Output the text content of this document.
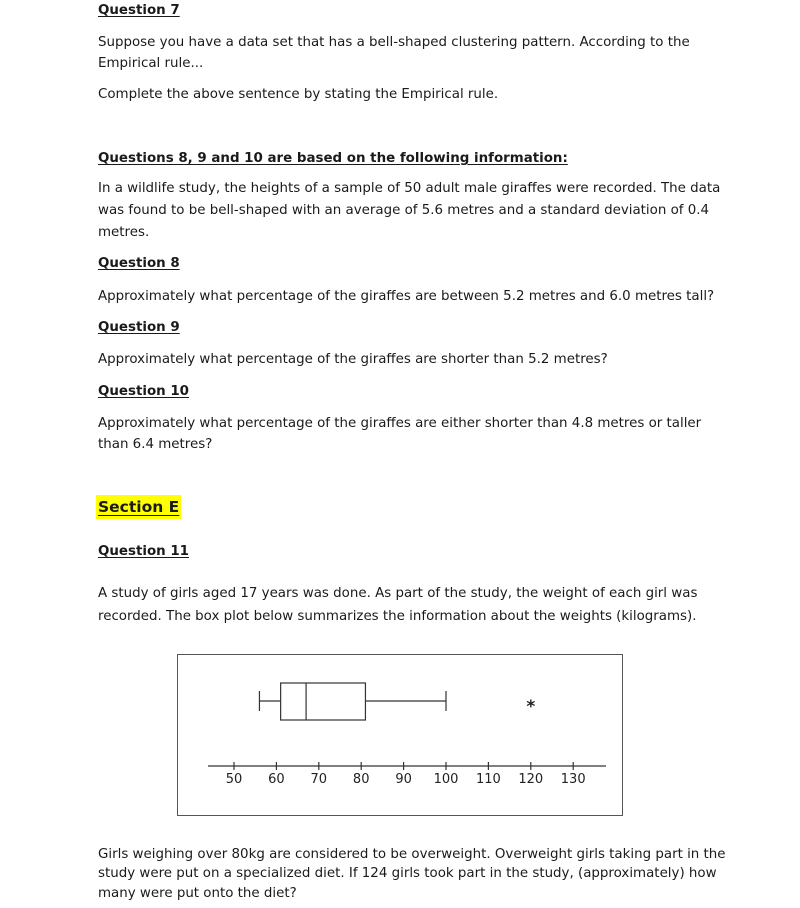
Question 7

Suppose you have a data set that has a bell-shaped clustering pattern. According to the

Empirical rule...

Complete the above sentence by stating the Empirical rule.

Questions 8, 9 and 10 are based on the following information:

In a wildlife study, the heights of a sample of 50 adult male giraffes were recorded. The data

was found to be bell-shaped with an average of 5.6 metres and a standard deviation of 0.4

metres.

Question 8

Approximately what percentage of the giraffes are between 5.2 metres and 6.0 metres tall?

Question 9

Approximately what percentage of the giraffes are shorter than 5.2 metres?

Question 10

Approximately what percentage of the giraffes are either shorter than 4.8 metres or taller

than 6.4 metres?

Section E

Question 11

A study of girls aged 17 years was done. As part of the study, the weight of each girl was

recorded. The box plot below summarizes the information about the weights (kilograms).

50 60 70 80 90 100 110 120 130
*

Girls weighing over 80kg are considered to be overweight. Overweight girls taking part in the

study were put on a specialized diet. If 124 girls took part in the study, (approximately) how

many were put onto the diet?
